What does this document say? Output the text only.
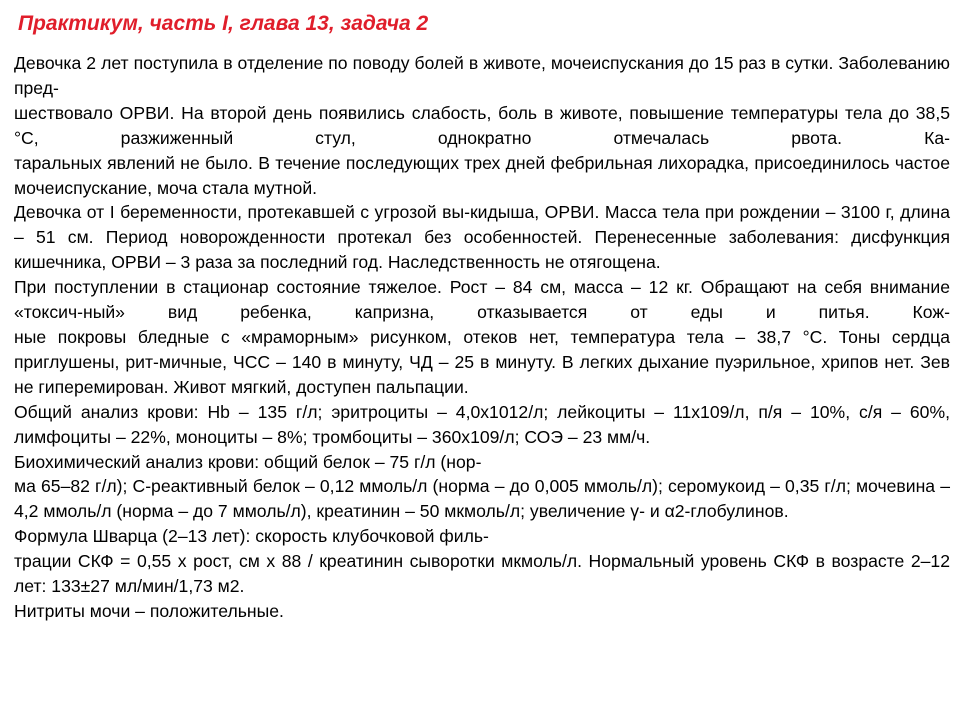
Практикум, часть I, глава 13, задача 2

Девочка 2 лет поступила в отделение по поводу болей в животе, мочеиспускания до 15 раз в сутки. Заболеванию пред-

шествовало ОРВИ. На второй день появились слабость, боль в животе, повышение температуры тела до 38,5 °С, разжиженный стул, однократно отмечалась рвота. Ка-

таральных явлений не было. В течение последующих трех дней фебрильная лихорадка, присоединилось частое мочеиспускание, моча стала мутной.

Девочка от I беременности, протекавшей с угрозой вы-кидыша, ОРВИ. Масса тела при рождении – 3100 г, длина – 51 см. Период новорожденности протекал без особенностей. Перенесенные заболевания: дисфункция кишечника, ОРВИ – 3 раза за последний год. Наследственность не отягощена.

При поступлении в стационар состояние тяжелое. Рост – 84 см, масса – 12 кг. Обращают на себя внимание «токсич-ный» вид ребенка, капризна, отказывается от еды и питья. Кож-

ные покровы бледные с «мраморным» рисунком, отеков нет, температура тела – 38,7 °С. Тоны сердца приглушены, рит-мичные, ЧСС – 140 в минуту, ЧД – 25 в минуту. В легких дыхание пуэрильное, хрипов нет. Зев не гиперемирован. Живот мягкий, доступен пальпации.

Общий анализ крови: Hb – 135 г/л; эритроциты – 4,0x1012/л; лейкоциты – 11x109/л, п/я – 10%, с/я – 60%, лимфоциты – 22%, моноциты – 8%; тромбоциты – 360x109/л; СОЭ – 23 мм/ч.

Биохимический анализ крови: общий белок – 75 г/л (нор-

ма 65–82 г/л); С-реактивный белок – 0,12 ммоль/л (норма – до 0,005 ммоль/л); серомукоид – 0,35 г/л; мочевина – 4,2 ммоль/л (норма – до 7 ммоль/л), креатинин – 50 мкмоль/л; увеличение γ- и α2-глобулинов.

Формула Шварца (2–13 лет): скорость клубочковой филь-

трации СКФ = 0,55 х рост, см х 88 / креатинин сыворотки мкмоль/л. Нормальный уровень СКФ в возрасте 2–12 лет: 133±27 мл/мин/1,73 м2.

Нитриты мочи – положительные.
